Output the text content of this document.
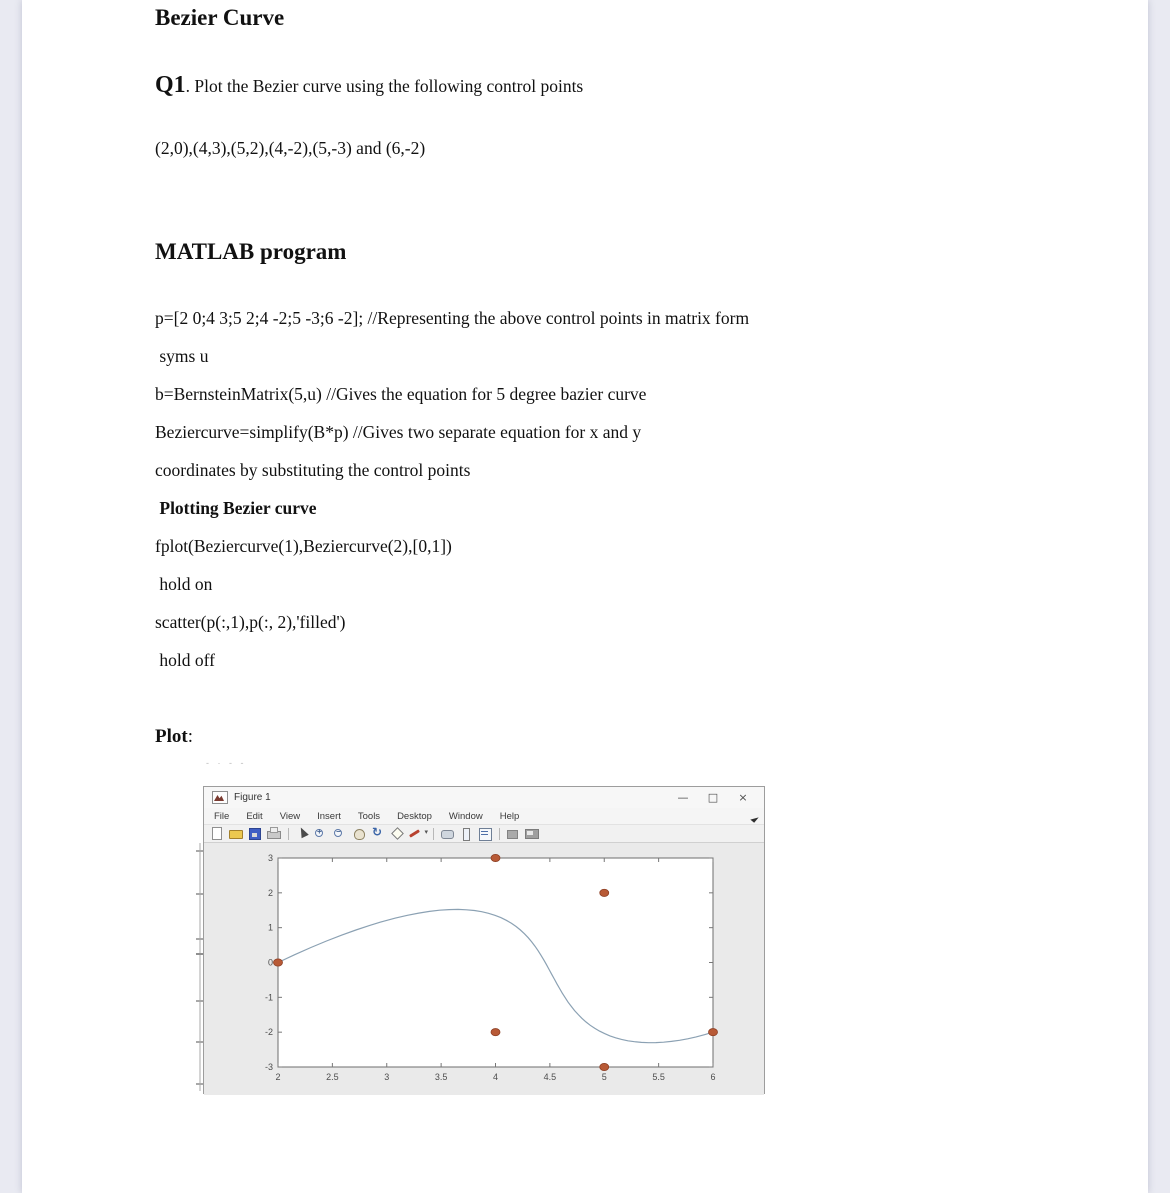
Bezier Curve
Q1. Plot the Bezier curve using the following control points
(2,0),(4,3),(5,2),(4,-2),(5,-3) and (6,-2)
MATLAB program
p=[2 0;4 3;5 2;4 -2;5 -3;6 -2]; //Representing the above control points in matrix form
syms u
b=BernsteinMatrix(5,u) //Gives the equation for 5 degree bazier curve
Beziercurve=simplify(B*p) //Gives two separate equation for x and y
coordinates by substituting the control points
Plotting Bezier curve
fplot(Beziercurve(1),Beziercurve(2),[0,1])
hold on
scatter(p(:,1),p(:, 2),'filled')
hold off
Plot:
- · - -
Figure 1	—	□	×
File Edit View Insert Tools Desktop Window Help
+
−
↻
▾
2	2.5	3	3.5	4	4.5	5	5.5	6
-3
-2
-1
0
1
2
3
